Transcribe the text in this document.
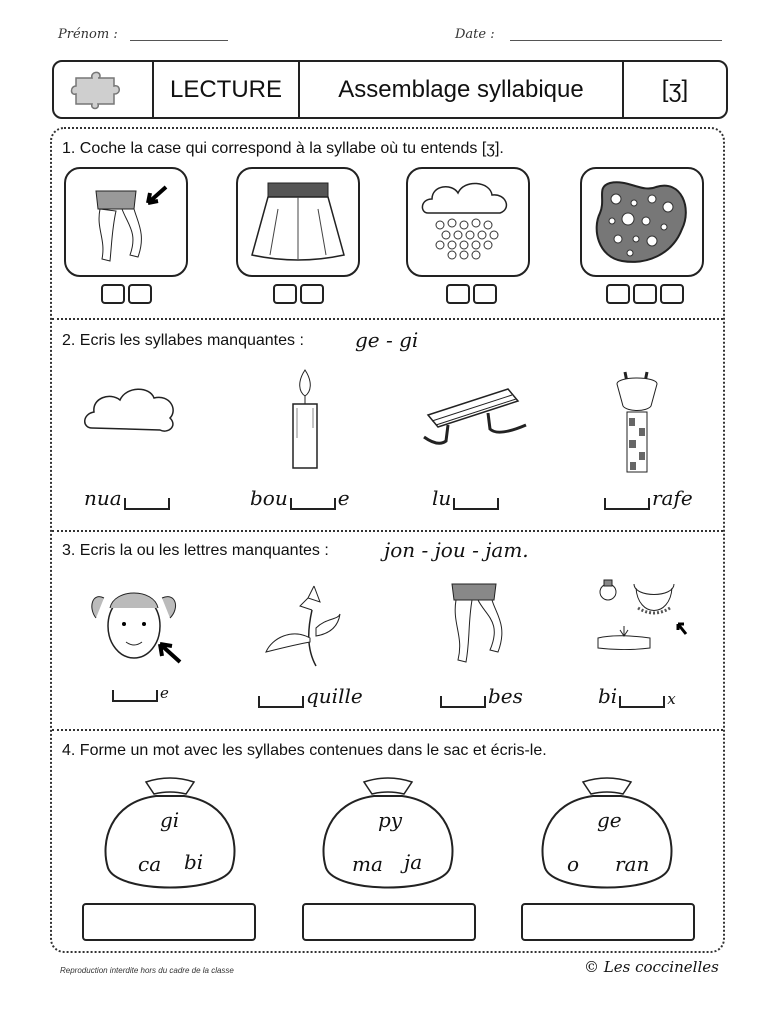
Prénom :	Date :
LECTURE	Assemblage syllabique	[ʒ]
1. Coche la case qui correspond à la syllabe où tu entends [ʒ].
2. Ecris les syllabes manquantes :	ge - gi
nua	bou	e	lu	rafe
3. Ecris la ou les lettres manquantes :	jon - jou - jam.
e	quille	bes	bi	x
4. Forme un mot avec les syllabes contenues dans le sac et écris-le.
gi
ca bi
py
ma ja
ge
o ran
Reproduction interdite hors du cadre de la classe	© Les coccinelles
